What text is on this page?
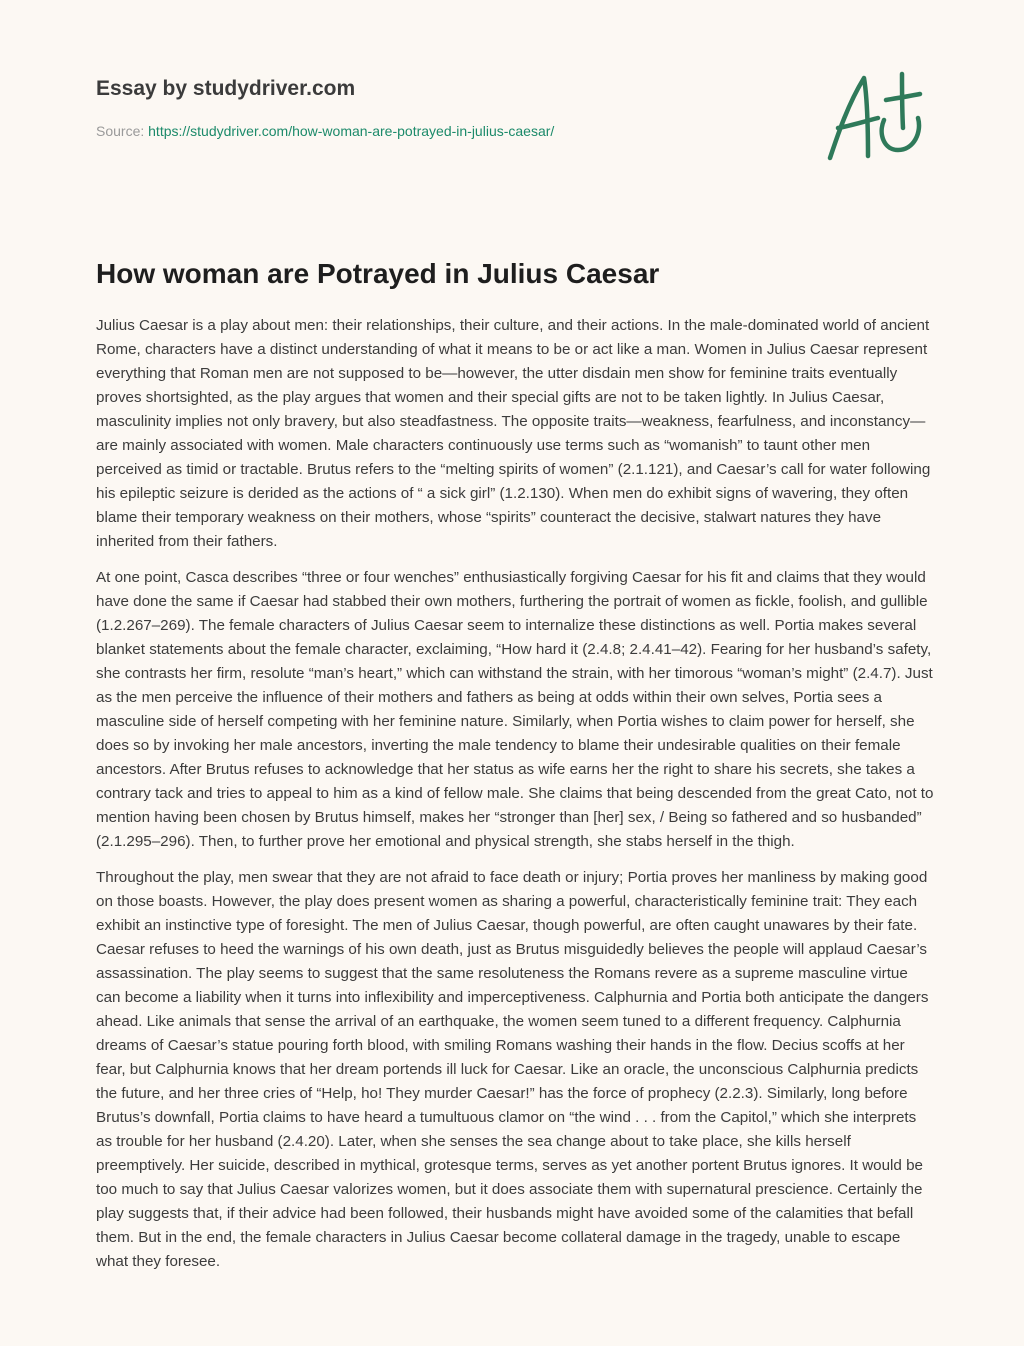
Essay by studydriver.com
Source: https://studydriver.com/how-woman-are-potrayed-in-julius-caesar/
How woman are Potrayed in Julius Caesar

Julius Caesar is a play about men: their relationships, their culture, and their actions. In the male-dominated world of ancient Rome, characters have a distinct understanding of what it means to be or act like a man. Women in Julius Caesar represent everything that Roman men are not supposed to be—however, the utter disdain men show for feminine traits eventually proves shortsighted, as the play argues that women and their special gifts are not to be taken lightly. In Julius Caesar, masculinity implies not only bravery, but also steadfastness. The opposite traits—weakness, fearfulness, and inconstancy—are mainly associated with women. Male characters continuously use terms such as “womanish” to taunt other men perceived as timid or tractable. Brutus refers to the “melting spirits of women” (2.1.121), and Caesar’s call for water following his epileptic seizure is derided as the actions of “ a sick girl” (1.2.130). When men do exhibit signs of wavering, they often blame their temporary weakness on their mothers, whose “spirits” counteract the decisive, stalwart natures they have inherited from their fathers.

At one point, Casca describes “three or four wenches” enthusiastically forgiving Caesar for his fit and claims that they would have done the same if Caesar had stabbed their own mothers, furthering the portrait of women as fickle, foolish, and gullible (1.2.267–269). The female characters of Julius Caesar seem to internalize these distinctions as well. Portia makes several blanket statements about the female character, exclaiming, “How hard it (2.4.8; 2.4.41–42). Fearing for her husband’s safety, she contrasts her firm, resolute “man’s heart,” which can withstand the strain, with her timorous “woman’s might” (2.4.7). Just as the men perceive the influence of their mothers and fathers as being at odds within their own selves, Portia sees a masculine side of herself competing with her feminine nature. Similarly, when Portia wishes to claim power for herself, she does so by invoking her male ancestors, inverting the male tendency to blame their undesirable qualities on their female ancestors. After Brutus refuses to acknowledge that her status as wife earns her the right to share his secrets, she takes a contrary tack and tries to appeal to him as a kind of fellow male. She claims that being descended from the great Cato, not to mention having been chosen by Brutus himself, makes her “stronger than [her] sex, / Being so fathered and so husbanded” (2.1.295–296). Then, to further prove her emotional and physical strength, she stabs herself in the thigh.

Throughout the play, men swear that they are not afraid to face death or injury; Portia proves her manliness by making good on those boasts. However, the play does present women as sharing a powerful, characteristically feminine trait: They each exhibit an instinctive type of foresight. The men of Julius Caesar, though powerful, are often caught unawares by their fate. Caesar refuses to heed the warnings of his own death, just as Brutus misguidedly believes the people will applaud Caesar’s assassination. The play seems to suggest that the same resoluteness the Romans revere as a supreme masculine virtue can become a liability when it turns into inflexibility and imperceptiveness. Calphurnia and Portia both anticipate the dangers ahead. Like animals that sense the arrival of an earthquake, the women seem tuned to a different frequency. Calphurnia dreams of Caesar’s statue pouring forth blood, with smiling Romans washing their hands in the flow. Decius scoffs at her fear, but Calphurnia knows that her dream portends ill luck for Caesar. Like an oracle, the unconscious Calphurnia predicts the future, and her three cries of “Help, ho! They murder Caesar!” has the force of prophecy (2.2.3). Similarly, long before Brutus’s downfall, Portia claims to have heard a tumultuous clamor on “the wind . . . from the Capitol,” which she interprets as trouble for her husband (2.4.20). Later, when she senses the sea change about to take place, she kills herself preemptively. Her suicide, described in mythical, grotesque terms, serves as yet another portent Brutus ignores. It would be too much to say that Julius Caesar valorizes women, but it does associate them with supernatural prescience. Certainly the play suggests that, if their advice had been followed, their husbands might have avoided some of the calamities that befall them. But in the end, the female characters in Julius Caesar become collateral damage in the tragedy, unable to escape what they foresee.
